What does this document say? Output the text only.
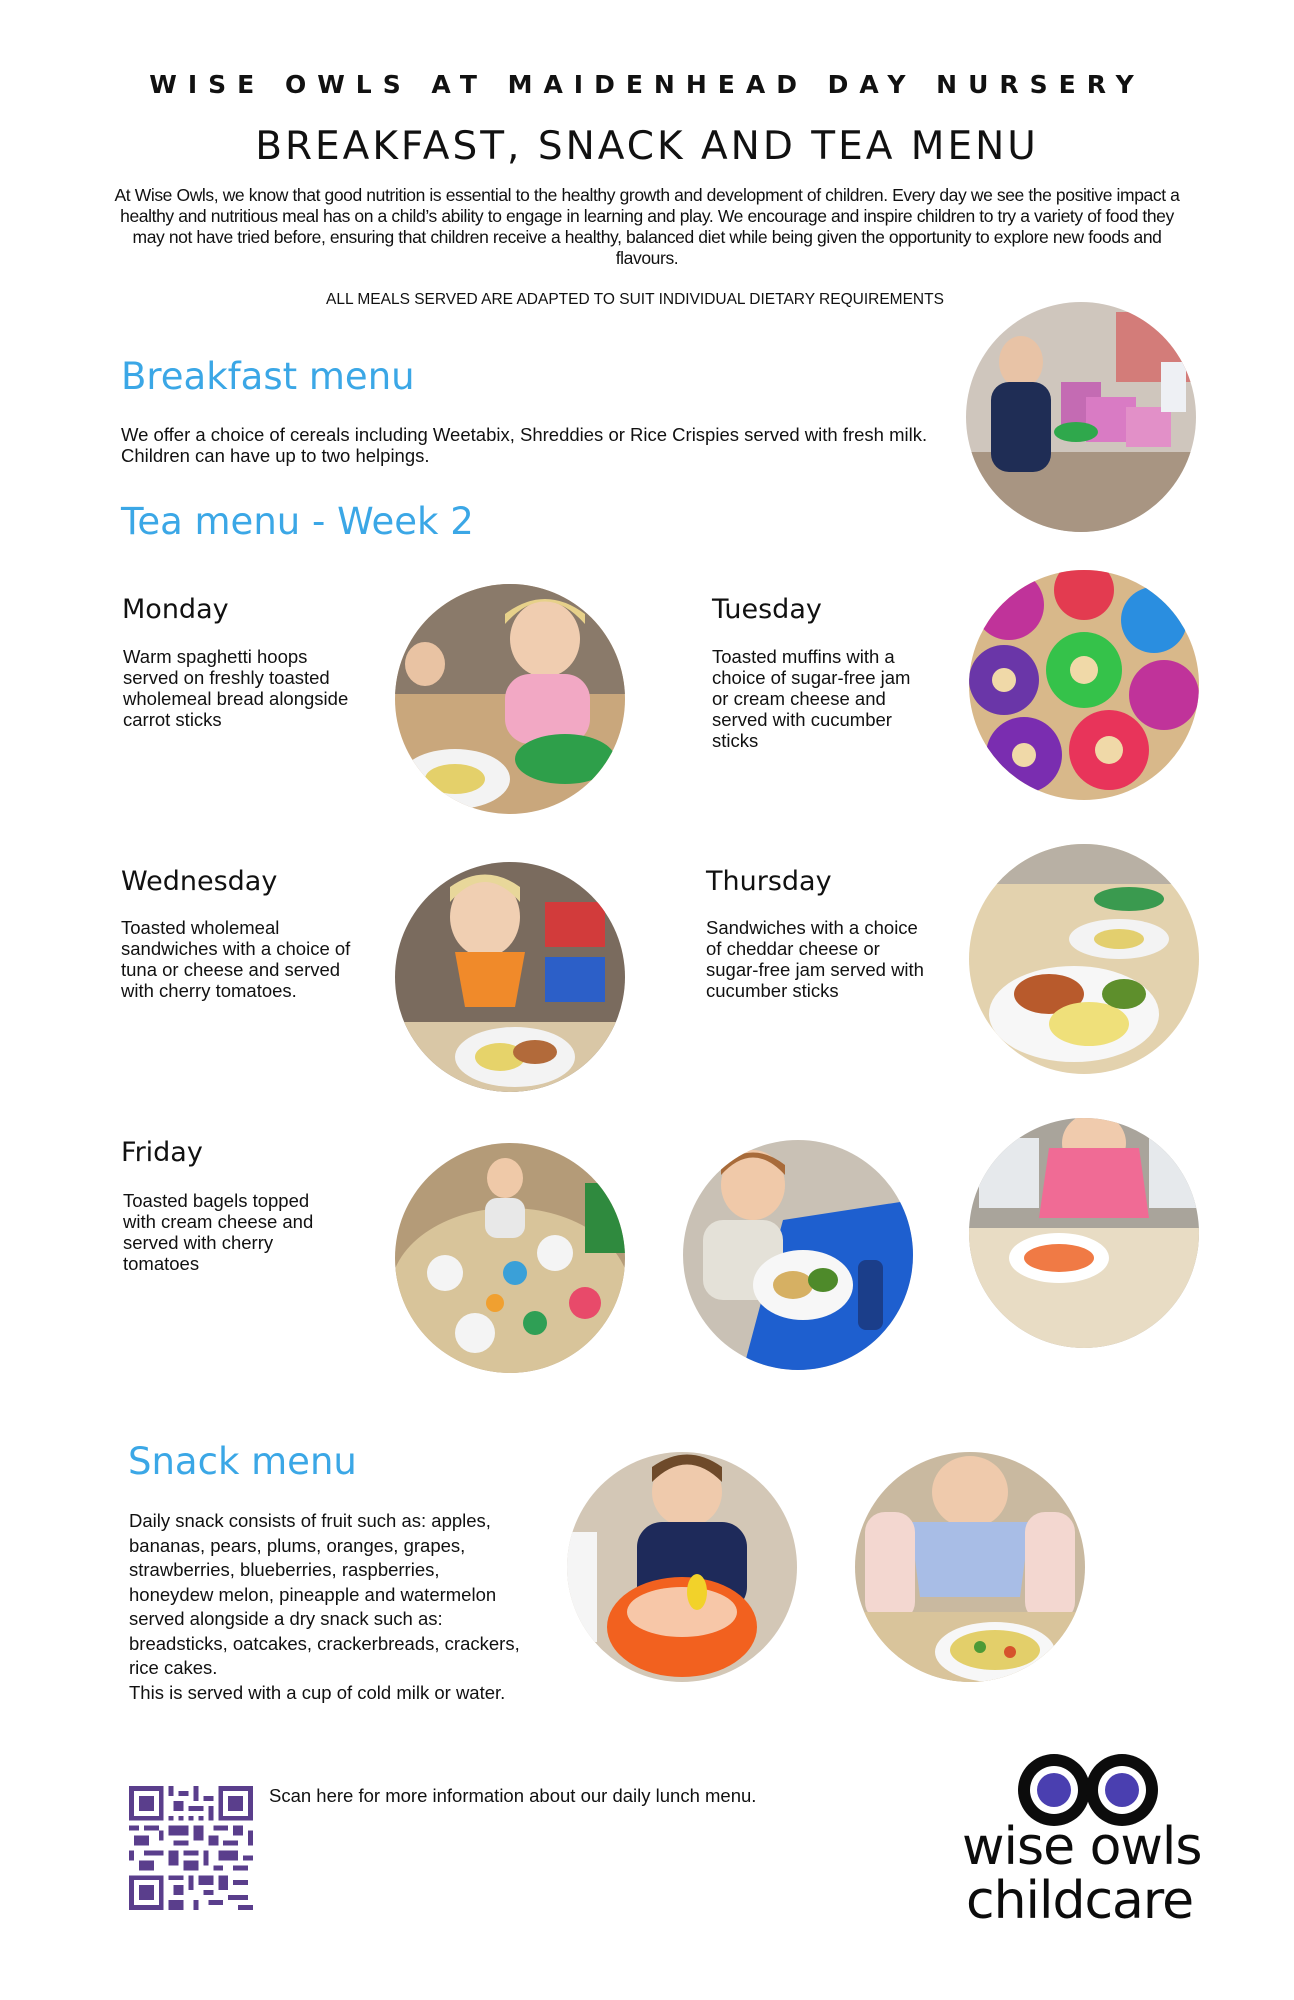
WISE OWLS AT MAIDENHEAD DAY NURSERY
BREAKFAST, SNACK AND TEA MENU
At Wise Owls, we know that good nutrition is essential to the healthy growth and development of children. Every day we see the positive impact a healthy and nutritious meal has on a child’s ability to engage in learning and play. We encourage and inspire children to try a variety of food they may not have tried before, ensuring that children receive a healthy, balanced diet while being given the opportunity to explore new foods and flavours.
ALL MEALS SERVED ARE ADAPTED TO SUIT INDIVIDUAL DIETARY REQUIREMENTS
Breakfast menu
We offer a choice of cereals including Weetabix, Shreddies or Rice Crispies served with fresh milk. Children can have up to two helpings.
Tea menu - Week 2
Monday
Warm spaghetti hoops served on freshly toasted wholemeal bread alongside carrot sticks
Tuesday
Toasted muffins with a choice of sugar-free jam or cream cheese and served with cucumber sticks
Wednesday
Toasted wholemeal sandwiches with a choice of tuna or cheese and served with cherry tomatoes.
Thursday
Sandwiches with a choice of cheddar cheese or sugar-free jam served with cucumber sticks
Friday
Toasted bagels topped with cream cheese and served with cherry tomatoes
Snack menu
Daily snack consists of fruit such as: apples,
bananas, pears, plums, oranges, grapes,
strawberries, blueberries, raspberries,
honeydew melon, pineapple and watermelon
served alongside a dry snack such as:
breadsticks, oatcakes, crackerbreads, crackers,
rice cakes.
This is served with a cup of cold milk or water.
Scan here for more information about our daily lunch menu.
wise owls
childcare
